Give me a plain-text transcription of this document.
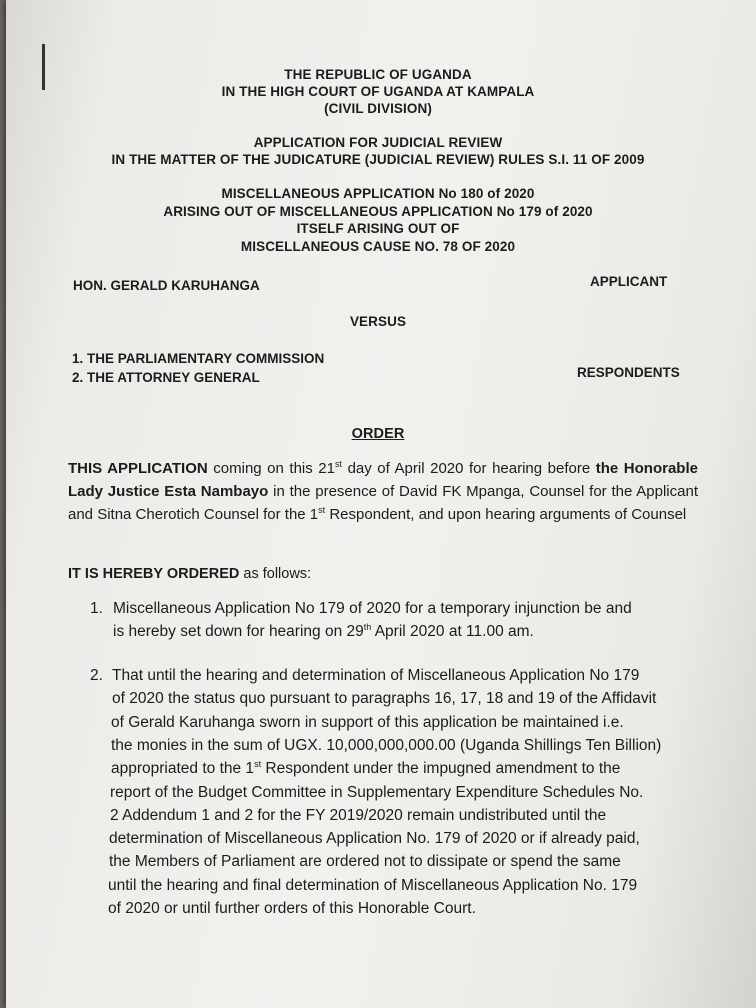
THE REPUBLIC OF UGANDA
IN THE HIGH COURT OF UGANDA AT KAMPALA
(CIVIL DIVISION)
APPLICATION FOR JUDICIAL REVIEW
IN THE MATTER OF THE JUDICATURE (JUDICIAL REVIEW) RULES S.I. 11 OF 2009
MISCELLANEOUS APPLICATION No 180 of 2020
ARISING OUT OF MISCELLANEOUS APPLICATION No 179 of 2020
ITSELF ARISING OUT OF
MISCELLANEOUS CAUSE NO. 78 OF 2020
HON. GERALD KARUHANGA	APPLICANT
VERSUS
1. THE PARLIAMENTARY COMMISSION
2. THE ATTORNEY GENERAL	RESPONDENTS
ORDER
THIS APPLICATION coming on this 21st day of April 2020 for hearing before the Honorable Lady Justice Esta Nambayo in the presence of David FK Mpanga, Counsel for the Applicant and Sitna Cherotich Counsel for the 1st Respondent, and upon hearing arguments of Counsel
IT IS HEREBY ORDERED as follows:
1. Miscellaneous Application No 179 of 2020 for a temporary injunction be and
is hereby set down for hearing on 29th April 2020 at 11.00 am.
2. That until the hearing and determination of Miscellaneous Application No 179
of 2020 the status quo pursuant to paragraphs 16, 17, 18 and 19 of the Affidavit
of Gerald Karuhanga sworn in support of this application be maintained i.e.
the monies in the sum of UGX. 10,000,000,000.00 (Uganda Shillings Ten Billion)
appropriated to the 1st Respondent under the impugned amendment to the
report of the Budget Committee in Supplementary Expenditure Schedules No.
2 Addendum 1 and 2 for the FY 2019/2020 remain undistributed until the
determination of Miscellaneous Application No. 179 of 2020 or if already paid,
the Members of Parliament are ordered not to dissipate or spend the same
until the hearing and final determination of Miscellaneous Application No. 179
of 2020 or until further orders of this Honorable Court.
